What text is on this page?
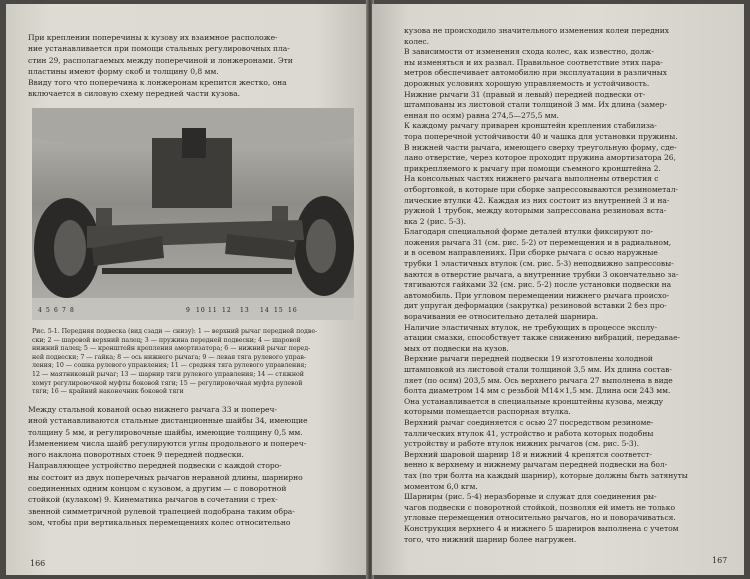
При креплении поперечины к кузову их взаимное расположе-
ние устанавливается при помощи стальных регулировочных пла-
стин 29, располагаемых между поперечиной и лонжеронами. Эти
пластины имеют форму скоб и толщину 0,8 мм.
Ввиду того что поперечина к лонжеронам крепится жестко, она
включается в силовую схему передней части кузова.

4 5 6 7 8	9 10 11 12 13 14 15 16

Рис. 5-1. Передняя подвеска (вид сзади — снизу): 1 — верхний рычаг передней подве-
ски; 2 — шаровой верхний палец; 3 — пружина передней подвески; 4 — шаровой
нижний палец; 5 — кронштейн крепления амортизатора; 6 — нижний рычаг перед-
ней подвески; 7 — гайка; 8 — ось нижнего рычага; 9 — левая тяга рулевого управ-
ления; 10 — сошка рулевого управления; 11 — средняя тяга рулевого управления;
12 — маятниковый рычаг; 13 — шарнир тяги рулевого управления; 14 — стяжной
хомут регулировочной муфты боковой тяги; 15 — регулировочная муфта рулевой
тяги; 16 — крайний наконечник боковой тяги

Между стальной кованой осью нижнего рычага 33 и попереч-
иной устанавливаются стальные дистанционные шайбы 34, имеющие
толщину 5 мм, и регулировочные шайбы, имеющие толщину 0,5 мм.
Изменением числа шайб регулируются углы продольного и попереч-
ного наклона поворотных стоек 9 передней подвески.
Направляющее устройство передней подвески с каждой сторо-
ны состоит из двух поперечных рычагов неравной длины, шарнирно
соединенных одним концом с кузовом, а другим — с поворотной
стойкой (кулаком) 9. Кинематика рычагов в сочетании с трех-
звенной симметричной рулевой трапецией подобрана таким обра-
зом, чтобы при вертикальных перемещениях колес относительно

166

кузова не происходило значительного изменения колеи передних
колес.
В зависимости от изменения схода колес, как известно, долж-
ны изменяться и их развал. Правильное соответствие этих пара-
метров обеспечивает автомобилю при эксплуатации в различных
дорожных условиях хорошую управляемость и устойчивость.
Нижние рычаги 31 (правый и левый) передней подвески от-
штампованы из листовой стали толщиной 3 мм. Их длина (замер-
енная по осям) равна 274,5—275,5 мм.
К каждому рычагу приварен кронштейн крепления стабилиза-
тора поперечной устойчивости 40 и чашка для установки пружины.
В нижней части рычага, имеющего сверху треугольную форму, сде-
лано отверстие, через которое проходит пружина амортизатора 26,
прикрепляемого к рычагу при помощи съемного кронштейна 2.
На консольных частях нижнего рычага выполнены отверстия с
отбортовкой, в которые при сборке запрессовываются резинометал-
лические втулки 42. Каждая из них состоит из внутренней 3 и на-
ружной 1 трубок, между которыми запрессована резиновая вста-
вка 2 (рис. 5-3).
Благодаря специальной форме деталей втулки фиксируют по-
ложения рычага 31 (см. рис. 5-2) от перемещения и в радиальном,
и в осевом направлениях. При сборке рычага с осью наружные
трубки 1 эластичных втулок (см. рис. 5-3) неподвижно запрессовы-
ваются в отверстие рычага, а внутренние трубки 3 окончательно за-
тягиваются гайками 32 (см. рис. 5-2) после установки подвески на
автомобиль. При угловом перемещении нижнего рычага происхо-
дит упругая деформация (закрутка) резиновой вставки 2 без про-
ворачивания ее относительно деталей шарнира.
Наличие эластичных втулок, не требующих в процессе эксплу-
атации смазки, способствует также снижению вибраций, передавае-
мых от подвески на кузов.
Верхние рычаги передней подвески 19 изготовлены холодной
штамповкой из листовой стали толщиной 3,5 мм. Их длина состав-
ляет (по осям) 203,5 мм. Ось верхнего рычага 27 выполнена в виде
болта диаметром 14 мм с резьбой M14×1,5 мм. Длина оси 243 мм.
Она устанавливается в специальные кронштейны кузова, между
которыми помещается распорная втулка.
Верхний рычаг соединяется с осью 27 посредством резиноме-
таллических втулок 41, устройство и работа которых подобны
устройству и работе втулок нижних рычагов (см. рис. 5-3).
Верхний шаровой шарнир 18 и нижний 4 крепятся соответст-
венно к верхнему и нижнему рычагам передней подвески на бол-
тах (по три болта на каждый шарнир), которые должны быть затянуты
моментом 6,0 кгм.
Шарниры (рис. 5-4) неразборные и служат для соединения ры-
чагов подвески с поворотной стойкой, позволяя ей иметь не только
угловые перемещения относительно рычагов, но и поворачиваться.
Конструкция верхнего 4 и нижнего 5 шарниров выполнена с учетом
того, что нижний шарнир более нагружен.

167
